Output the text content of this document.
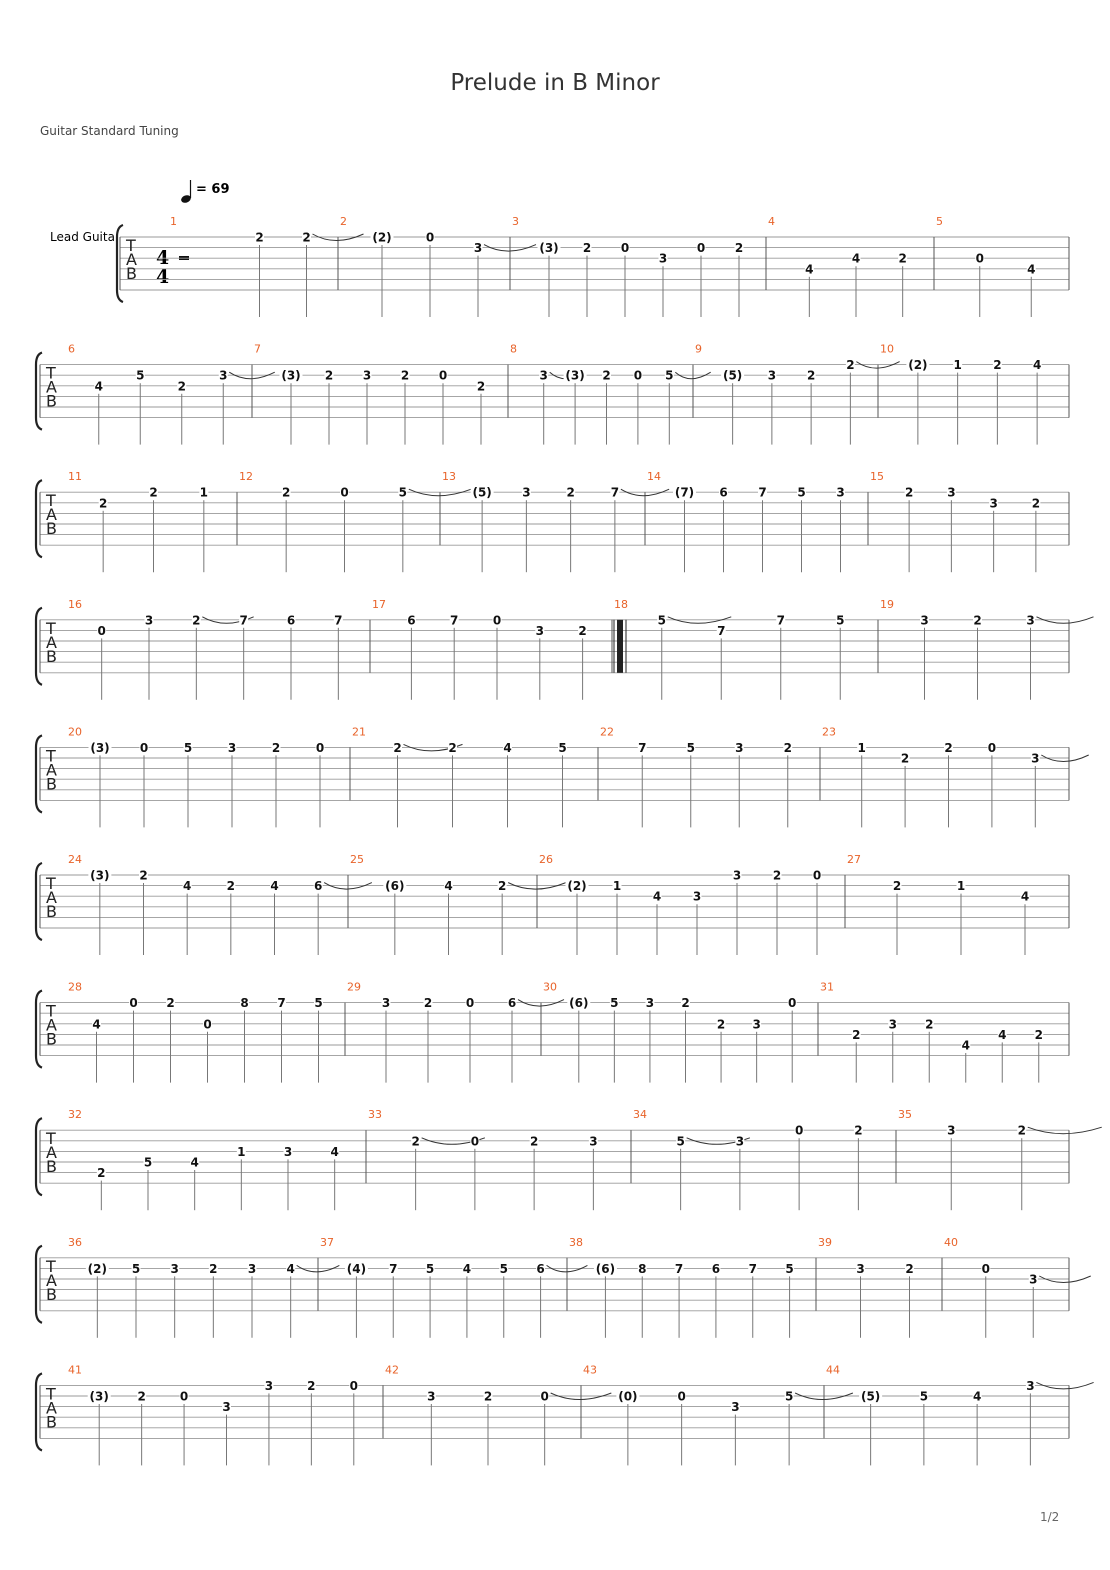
Prelude in B Minor
Guitar Standard Tuning
1/2
= 69
Lead Guita
4
4
T
A
B
1
2	2
2
(2)	0
3
3
(3) 2 0
3
0 2
4
4
4	2
5
0
4
T
A
B
6
4
5
2
3
7
(3) 2 3 2 0
2
8
3 (3) 2 0 5
9
(5) 3	2
2
10
(2) 1	2	4
T
A
B
11
2
2	1
12
2	0	5
13
(5)	3	2	7
14
(7) 6	7	5	3
15
2	3
3	2
T
A
B
16
0
3	2	7	6	7
17
6	7	0
3	2
18
5
7
7	5
19
3	2	3
T
A
B
20
(3)	0	5	3	2	0
21
2	2	4	5
22
7	5	3	2
23
1
2
2	0
3
T
A
B
24
(3) 2
4	2	4	6
25
(6)	4	2
26
(2) 1
4	3
3	2	0
27
2	1
4
T
A
B
28
4
0 2
0
8 7 5
29
3	2	0	6
30
(6) 5 3 2
2 3
0
31
2
3 2
4
4 2
T
A
B
32
2
5	4
1	3	4
33
2	0	2	3
34
5	3
0	2
35
3	2
T
A
B
36
(2) 5	3	2	3	4
37
(4) 7 5 4 5 6
38
(6) 8 7 6 7 5
39
3	2
40
0
3
T
A
B
41
(3) 2	0
3
3	2	0
42
3	2	0
43
(0)	0
3
5
44
(5)	5	4
3
